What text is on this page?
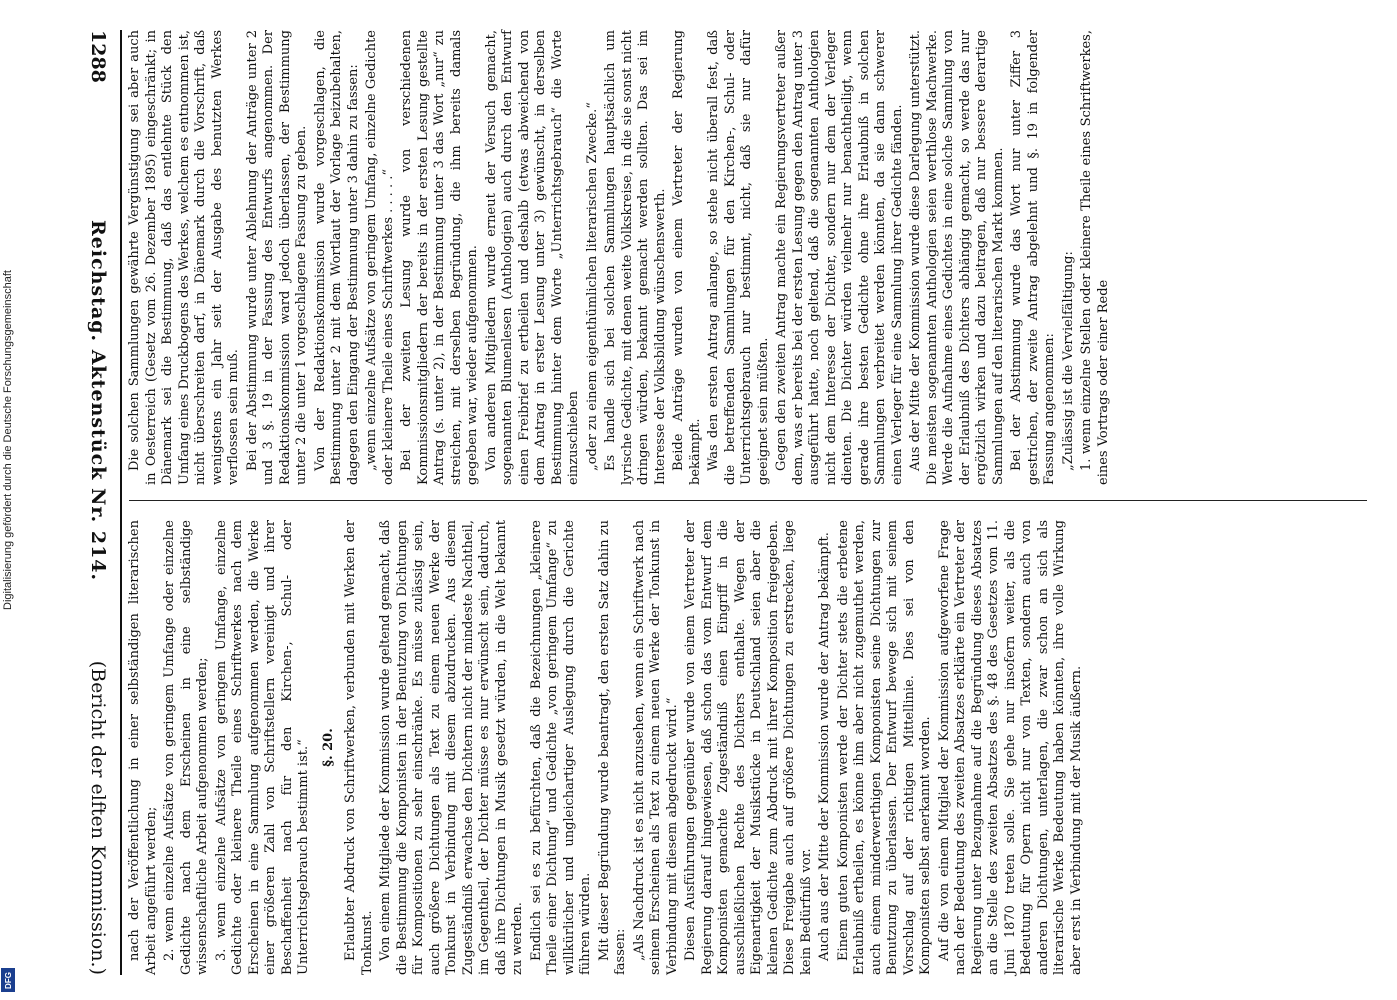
Die solchen Sammlungen gewährte Vergünstigung sei aber auch in Oesterreich (Gesetz vom 26. Dezember 1895) eingeschränkt; in Dänemark sei die Bestimmung, daß das entlehnte Stück den Umfang eines Druckbogens des Werkes, welchem es entnommen ist, nicht überschreiten darf, in Dänemark durch die Vorschrift, daß wenigstens ein Jahr seit der Ausgabe des benutzten Werkes verflossen sein muß. Bei der Abstimmung wurde unter Ablehnung der Anträge unter 2 und 3 §. 19 in der Fassung des Entwurfs angenommen. Der Redaktionskommission ward jedoch überlassen, der Bestimmung unter 2 die unter 1 vorgeschlagene Fassung zu geben. Von der Redaktionskommission wurde vorgeschlagen, die Bestimmung unter 2 mit dem Wortlaut der Vorlage beizubehalten, dagegen den Eingang der Bestimmung unter 3 dahin zu fassen: „wenn einzelne Aufsätze von geringem Umfang, einzelne Gedichte oder kleinere Theile eines Schriftwerkes . . . . .“ Bei der zweiten Lesung wurde von verschiedenen Kommissionsmitgliedern der bereits in der ersten Lesung gestellte Antrag (s. unter 2), in der Bestimmung unter 3 das Wort „nur“ zu streichen, mit derselben Begründung, die ihm bereits damals gegeben war, wieder aufgenommen. Von anderen Mitgliedern wurde erneut der Versuch gemacht, sogenannten Blumenlesen (Anthologien) auch durch den Entwurf einen Freibrief zu ertheilen und deshalb (etwas abweichend von dem Antrag in erster Lesung unter 3) gewünscht, in derselben Bestimmung hinter dem Worte „Unterrichtsgebrauch“ die Worte einzuschieben „oder zu einem eigenthümlichen literarischen Zwecke.“ Es handle sich bei solchen Sammlungen hauptsächlich um lyrische Gedichte, mit denen weite Volkskreise, in die sie sonst nicht dringen würden, bekannt gemacht werden sollten. Das sei im Interesse der Volksbildung wünschenswerth. Beide Anträge wurden von einem Vertreter der Regierung bekämpft. Was den ersten Antrag anlange, so stehe nicht überall fest, daß die betreffenden Sammlungen für den Kirchen-, Schul- oder Unterrichtsgebrauch nur bestimmt, nicht, daß sie nur dafür geeignet sein müßten. Gegen den zweiten Antrag machte ein Regierungsvertreter außer dem, was er bereits bei der ersten Lesung gegen den Antrag unter 3 ausgeführt hatte, noch geltend, daß die sogenannten Anthologien nicht dem Interesse der Dichter, sondern nur dem der Verleger dienten. Die Dichter würden vielmehr nur benachtheiligt, wenn gerade ihre besten Gedichte ohne ihre Erlaubniß in solchen Sammlungen verbreitet werden könnten, da sie dann schwerer einen Verleger für eine Sammlung ihrer Gedichte fänden. Aus der Mitte der Kommission wurde diese Darlegung unterstützt. Die meisten sogenannten Anthologien seien werthlose Machwerke. Werde die Aufnahme eines Gedichtes in eine solche Sammlung von der Erlaubniß des Dichters abhängig gemacht, so werde das nur ergötzlich wirken und dazu beitragen, daß nur bessere derartige Sammlungen auf den literarischen Markt kommen. Bei der Abstimmung wurde das Wort nur unter Ziffer 3 gestrichen, der zweite Antrag abgelehnt und §. 19 in folgender Fassung angenommen: „Zulässig ist die Vervielfältigung: 1. wenn einzelne Stellen oder kleinere Theile eines Schriftwerkes, eines Vortrags oder einer Rede

nach der Veröffentlichung in einer selbständigen literarischen Arbeit angeführt werden; 2. wenn einzelne Aufsätze von geringem Umfange oder einzelne Gedichte nach dem Erscheinen in eine selbständige wissenschaftliche Arbeit aufgenommen werden; 3. wenn einzelne Aufsätze von geringem Umfange, einzelne Gedichte oder kleinere Theile eines Schriftwerkes nach dem Erscheinen in eine Sammlung aufgenommen werden, die Werke einer größeren Zahl von Schriftstellern vereinigt und ihrer Beschaffenheit nach für den Kirchen-, Schul- oder Unterrichtsgebrauch bestimmt ist.“ §. 20. Erlaubter Abdruck von Schriftwerken, verbunden mit Werken der Tonkunst. Von einem Mitgliede der Kommission wurde geltend gemacht, daß die Bestimmung die Komponisten in der Benutzung von Dichtungen für Kompositionen zu sehr einschränke. Es müsse zulässig sein, auch größere Dichtungen als Text zu einem neuen Werke der Tonkunst in Verbindung mit diesem abzudrucken. Aus diesem Zugeständniß erwachse den Dichtern nicht der mindeste Nachtheil, im Gegentheil, der Dichter müsse es nur erwünscht sein, dadurch, daß ihre Dichtungen in Musik gesetzt würden, in die Welt bekannt zu werden. Endlich sei es zu befürchten, daß die Bezeichnungen „kleinere Theile einer Dichtung“ und Gedichte „von geringem Umfange“ zu willkürlicher und ungleichartiger Auslegung durch die Gerichte führen würden. Mit dieser Begründung wurde beantragt, den ersten Satz dahin zu fassen: „Als Nachdruck ist es nicht anzusehen, wenn ein Schriftwerk nach seinem Erscheinen als Text zu einem neuen Werke der Tonkunst in Verbindung mit diesem abgedruckt wird.“ Diesen Ausführungen gegenüber wurde von einem Vertreter der Regierung darauf hingewiesen, daß schon das vom Entwurf dem Komponisten gemachte Zugeständniß einen Eingriff in die ausschließlichen Rechte des Dichters enthalte. Wegen der Eigenartigkeit der Musikstücke in Deutschland seien aber die kleinen Gedichte zum Abdruck mit ihrer Komposition freigegeben. Diese Freigabe auch auf größere Dichtungen zu erstrecken, liege kein Bedürfniß vor. Auch aus der Mitte der Kommission wurde der Antrag bekämpft. Einem guten Komponisten werde der Dichter stets die erbetene Erlaubniß ertheilen, es könne ihm aber nicht zugemuthet werden, auch einem minderwerthigen Komponisten seine Dichtungen zur Benutzung zu überlassen. Der Entwurf bewege sich mit seinem Vorschlag auf der richtigen Mittellinie. Dies sei von den Komponisten selbst anerkannt worden. Auf die von einem Mitglied der Kommission aufgeworfene Frage nach der Bedeutung des zweiten Absatzes erklärte ein Vertreter der Regierung unter Bezugnahme auf die Begründung dieses Absatzes an die Stelle des zweiten Absatzes des §. 48 des Gesetzes vom 11. Juni 1870 treten solle. Sie gehe nur insofern weiter, als die Bedeutung für Opern nicht nur von Texten, sondern auch von anderen Dichtungen, unterlagen, die zwar schon an sich als literarische Werke Bedeutung haben könnten, ihre volle Wirkung aber erst in Verbindung mit der Musik äußern.

1288
Reichstag. Aktenstück Nr. 214.
(Bericht der elften Kommission.)
Digitalisierung gefördert durch die Deutsche Forschungsgemeinschaft
DFG
